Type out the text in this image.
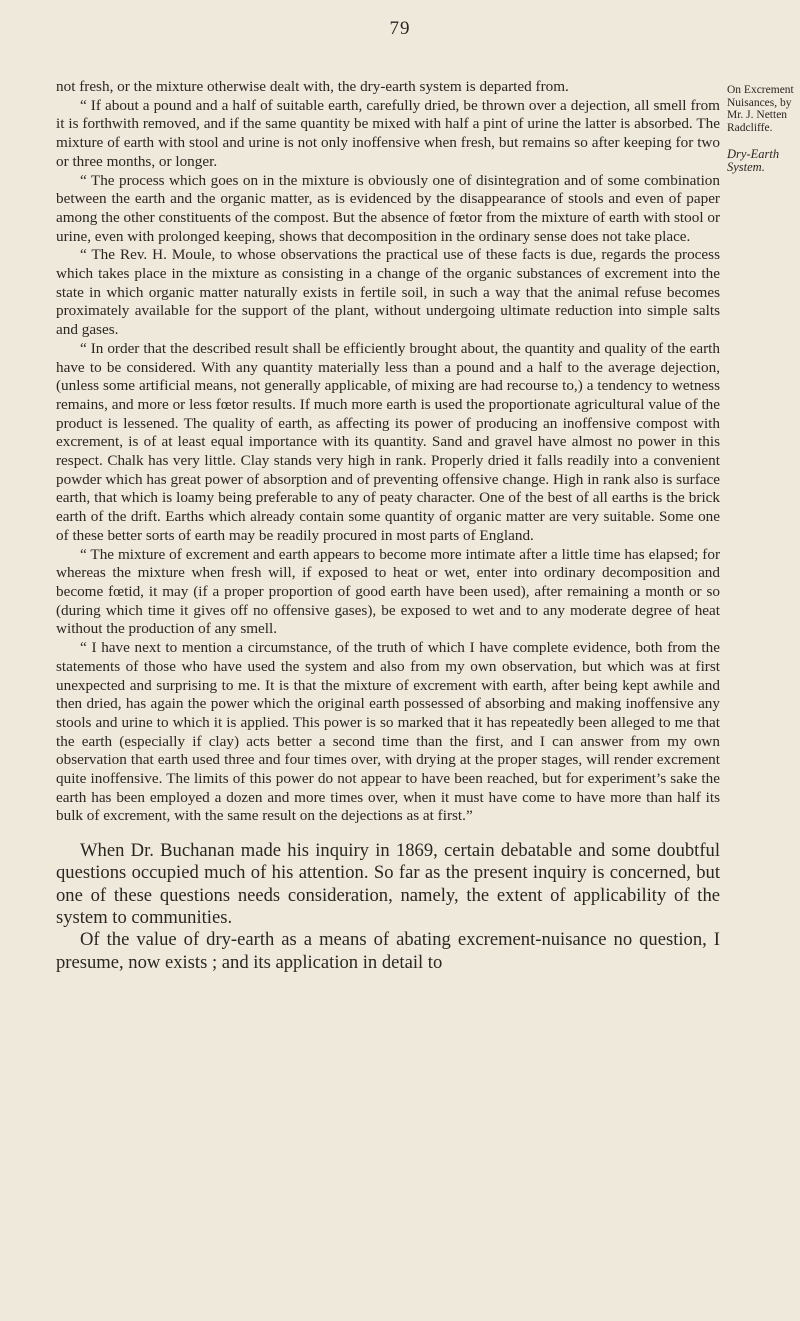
79
On Excrement Nuisances, by Mr. J. Netten Radcliffe.
Dry-Earth System.

not fresh, or the mixture otherwise dealt with, the dry-earth system is departed from.

“ If about a pound and a half of suitable earth, carefully dried, be thrown over a dejection, all smell from it is forthwith removed, and if the same quantity be mixed with half a pint of urine the latter is absorbed. The mixture of earth with stool and urine is not only inoffensive when fresh, but remains so after keeping for two or three months, or longer.

“ The process which goes on in the mixture is obviously one of disintegration and of some combination between the earth and the organic matter, as is evidenced by the disappearance of stools and even of paper among the other constituents of the compost. But the absence of fœtor from the mixture of earth with stool or urine, even with prolonged keeping, shows that decomposition in the ordinary sense does not take place.

“ The Rev. H. Moule, to whose observations the practical use of these facts is due, regards the process which takes place in the mixture as consisting in a change of the organic substances of excrement into the state in which organic matter naturally exists in fertile soil, in such a way that the animal refuse becomes proximately available for the support of the plant, without undergoing ultimate reduction into simple salts and gases.

“ In order that the described result shall be efficiently brought about, the quantity and quality of the earth have to be considered. With any quantity materially less than a pound and a half to the average dejection, (unless some artificial means, not generally applicable, of mixing are had recourse to,) a tendency to wetness remains, and more or less fœtor results. If much more earth is used the proportionate agricultural value of the product is lessened. The quality of earth, as affecting its power of producing an inoffensive compost with excrement, is of at least equal importance with its quantity. Sand and gravel have almost no power in this respect. Chalk has very little. Clay stands very high in rank. Properly dried it falls readily into a convenient powder which has great power of absorption and of preventing offensive change. High in rank also is surface earth, that which is loamy being preferable to any of peaty character. One of the best of all earths is the brick earth of the drift. Earths which already contain some quantity of organic matter are very suitable. Some one of these better sorts of earth may be readily procured in most parts of England.

“ The mixture of excrement and earth appears to become more intimate after a little time has elapsed; for whereas the mixture when fresh will, if exposed to heat or wet, enter into ordinary decomposition and become fœtid, it may (if a proper proportion of good earth have been used), after remaining a month or so (during which time it gives off no offensive gases), be exposed to wet and to any moderate degree of heat without the production of any smell.

“ I have next to mention a circumstance, of the truth of which I have complete evidence, both from the statements of those who have used the system and also from my own observation, but which was at first unexpected and surprising to me. It is that the mixture of excrement with earth, after being kept awhile and then dried, has again the power which the original earth possessed of absorbing and making inoffensive any stools and urine to which it is applied. This power is so marked that it has repeatedly been alleged to me that the earth (especially if clay) acts better a second time than the first, and I can answer from my own observation that earth used three and four times over, with drying at the proper stages, will render excrement quite inoffensive. The limits of this power do not appear to have been reached, but for experiment’s sake the earth has been employed a dozen and more times over, when it must have come to have more than half its bulk of excrement, with the same result on the dejections as at first.”

When Dr. Buchanan made his inquiry in 1869, certain debatable and some doubtful questions occupied much of his attention. So far as the present inquiry is concerned, but one of these questions needs consideration, namely, the extent of applicability of the system to communities.

Of the value of dry-earth as a means of abating excrement-nuisance no question, I presume, now exists ; and its application in detail to
